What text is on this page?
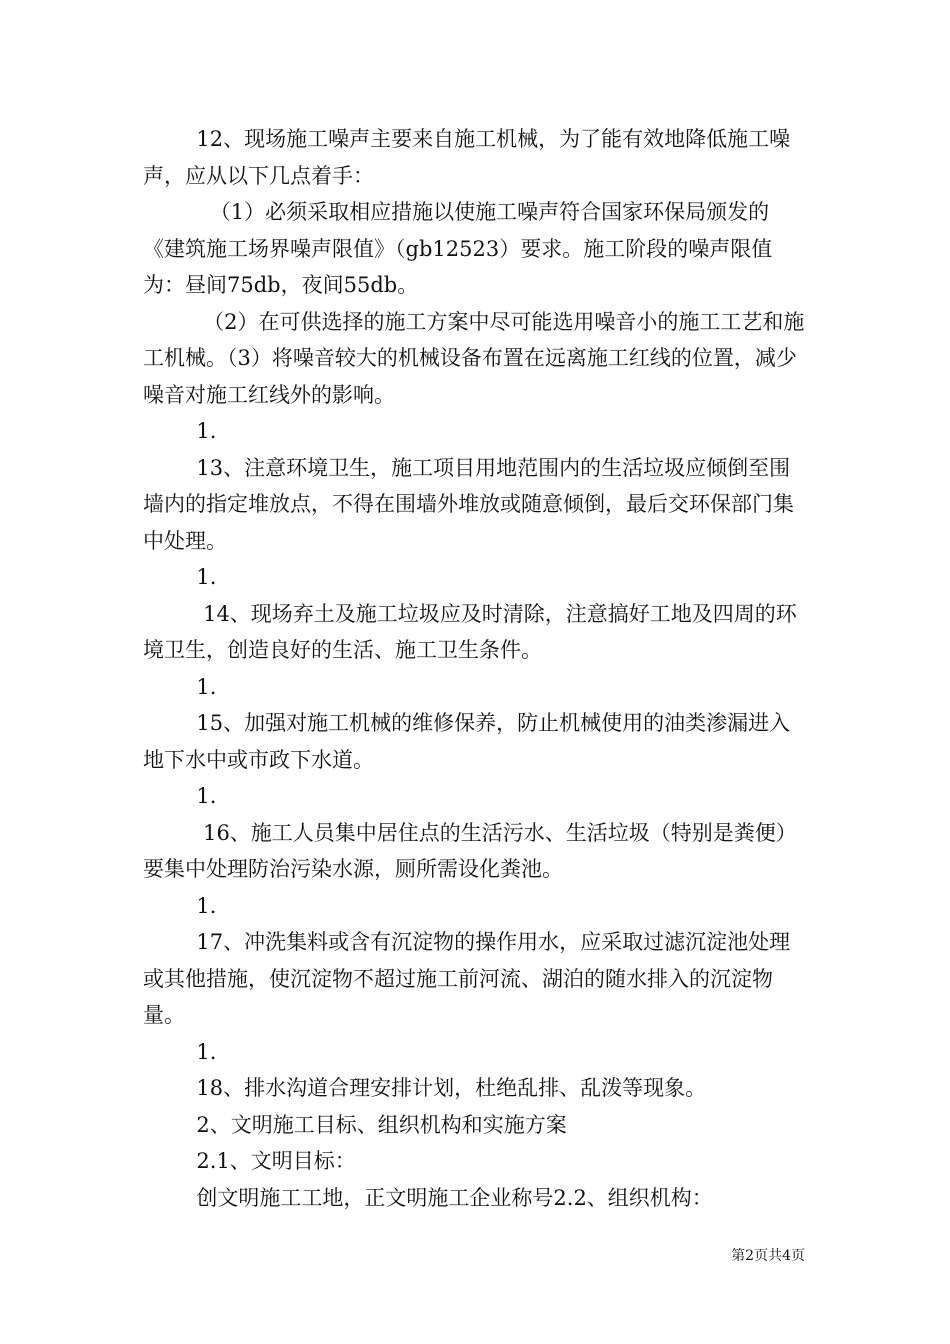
12、现场施工噪声主要来自施工机械，为了能有效地降低施工噪声，应从以下几点着手：

（1）必须采取相应措施以使施工噪声符合国家环保局颁发的《建筑施工场界噪声限值》（gb12523）要求。施工阶段的噪声限值为：昼间75db，夜间55db。

（2）在可供选择的施工方案中尽可能选用噪音小的施工工艺和施工机械。（3）将噪音较大的机械设备布置在远离施工红线的位置，减少噪音对施工红线外的影响。

1.

13、注意环境卫生，施工项目用地范围内的生活垃圾应倾倒至围墙内的指定堆放点，不得在围墙外堆放或随意倾倒，最后交环保部门集中处理。

1.

14、现场弃土及施工垃圾应及时清除，注意搞好工地及四周的环境卫生，创造良好的生活、施工卫生条件。

1.

15、加强对施工机械的维修保养，防止机械使用的油类渗漏进入地下水中或市政下水道。

1.

16、施工人员集中居住点的生活污水、生活垃圾（特别是粪便）要集中处理防治污染水源，厕所需设化粪池。

1.

17、冲洗集料或含有沉淀物的操作用水，应采取过滤沉淀池处理或其他措施，使沉淀物不超过施工前河流、湖泊的随水排入的沉淀物量。

1.

18、排水沟道合理安排计划，杜绝乱排、乱泼等现象。

2、文明施工目标、组织机构和实施方案

2.1、文明目标：

创文明施工工地，正文明施工企业称号2.2、组织机构：

第2页共4页
